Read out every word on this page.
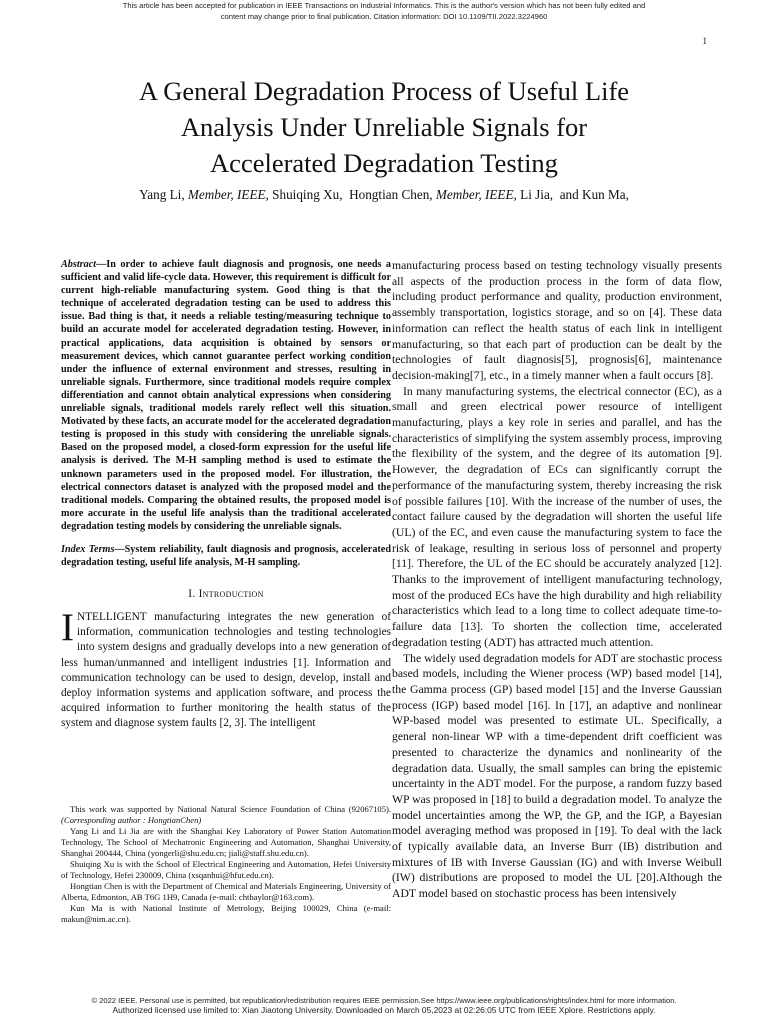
This article has been accepted for publication in IEEE Transactions on Industrial Informatics. This is the author's version which has not been fully edited and
content may change prior to final publication. Citation information: DOI 10.1109/TII.2022.3224960
1
A General Degradation Process of Useful Life
Analysis Under Unreliable Signals for
Accelerated Degradation Testing
Yang Li, Member, IEEE, Shuiqing Xu, Hongtian Chen, Member, IEEE, Li Jia, and Kun Ma,

Abstract—In order to achieve fault diagnosis and prognosis, one needs a sufficient and valid life-cycle data. However, this requirement is difficult for current high-reliable manufacturing system. Good thing is that the technique of accelerated degradation testing can be used to address this issue. Bad thing is that, it needs a reliable testing/measuring technique to build an accurate model for accelerated degradation testing. However, in practical applications, data acquisition is obtained by sensors or measurement devices, which cannot guarantee perfect working condition under the influence of external environment and stresses, resulting in unreliable signals. Furthermore, since traditional models require complex differentiation and cannot obtain analytical expressions when considering unreliable signals, traditional models rarely reflect well this situation. Motivated by these facts, an accurate model for the accelerated degradation testing is proposed in this study with considering the unreliable signals. Based on the proposed model, a closed-form expression for the useful life analysis is derived. The M-H sampling method is used to estimate the unknown parameters used in the proposed model. For illustration, the electrical connectors dataset is analyzed with the proposed model and the traditional models. Comparing the obtained results, the proposed model is more accurate in the useful life analysis than the traditional accelerated degradation testing models by considering the unreliable signals.

Index Terms—System reliability, fault diagnosis and prognosis, accelerated degradation testing, useful life analysis, M-H sampling.

I. Introduction

INTELLIGENT manufacturing integrates the new generation of information, communication technologies and testing technologies into system designs and gradually develops into a new generation of less human/unmanned and intelligent industries [1]. Information and communication technology can be used to design, develop, install and deploy information systems and application software, and process the acquired information to further monitoring the health status of the system and diagnose system faults [2, 3]. The intelligent

This work was supported by National Natural Science Foundation of China (92067105). (Corresponding author : HongtianChen)

Yang Li and Li Jia are with the Shanghai Key Laboratory of Power Station Automation Technology, The School of Mechatronic Engineering and Automation, Shanghai University, Shanghai 200444, China (yongerli@shu.edu.cn; jiali@staff.shu.edu.cn).

Shuiqing Xu is with the School of Electrical Engineering and Automation, Hefei University of Technology, Hefei 230009, China (xsqanhui@hfut.edu.cn).

Hongtian Chen is with the Department of Chemical and Materials Engineering, University of Alberta, Edmonton, AB T6G 1H9, Canada (e-mail: chtbaylor@163.com).

Kun Ma is with National Institute of Metrology, Beijing 100029, China (e-mail: makun@nim.ac.cn).

manufacturing process based on testing technology visually presents all aspects of the production process in the form of data flow, including product performance and quality, production environment, assembly transportation, logistics storage, and so on [4]. These data information can reflect the health status of each link in intelligent manufacturing, so that each part of production can be dealt by the technologies of fault diagnosis[5], prognosis[6], maintenance decision-making[7], etc., in a timely manner when a fault occurs [8].

In many manufacturing systems, the electrical connector (EC), as a small and green electrical power resource of intelligent manufacturing, plays a key role in series and parallel, and has the characteristics of simplifying the system assembly process, improving the flexibility of the system, and the degree of its automation [9]. However, the degradation of ECs can significantly corrupt the performance of the manufacturing system, thereby increasing the risk of possible failures [10]. With the increase of the number of uses, the contact failure caused by the degradation will shorten the useful life (UL) of the EC, and even cause the manufacturing system to face the risk of leakage, resulting in serious loss of personnel and property [11]. Therefore, the UL of the EC should be accurately analyzed [12]. Thanks to the improvement of intelligent manufacturing technology, most of the produced ECs have the high durability and high reliability characteristics which lead to a long time to collect adequate time-to-failure data [13]. To shorten the collection time, accelerated degradation testing (ADT) has attracted much attention.

The widely used degradation models for ADT are stochastic process based models, including the Wiener process (WP) based model [14], the Gamma process (GP) based model [15] and the Inverse Gaussian process (IGP) based model [16]. In [17], an adaptive and nonlinear WP-based model was presented to estimate UL. Specifically, a general non-linear WP with a time-dependent drift coefficient was presented to characterize the dynamics and nonlinearity of the degradation data. Usually, the small samples can bring the epistemic uncertainty in the ADT model. For the purpose, a random fuzzy based WP was proposed in [18] to build a degradation model. To analyze the model uncertainties among the WP, the GP, and the IGP, a Bayesian model averaging method was proposed in [19]. To deal with the lack of typically available data, an Inverse Burr (IB) distribution and mixtures of IB with Inverse Gaussian (IG) and with Inverse Weibull (IW) distributions are proposed to model the UL [20].Although the ADT model based on stochastic process has been intensively

© 2022 IEEE. Personal use is permitted, but republication/redistribution requires IEEE permission.See https://www.ieee.org/publications/rights/index.html for more information.
Authorized licensed use limited to: Xian Jiaotong University. Downloaded on March 05,2023 at 02:26:05 UTC from IEEE Xplore. Restrictions apply.
